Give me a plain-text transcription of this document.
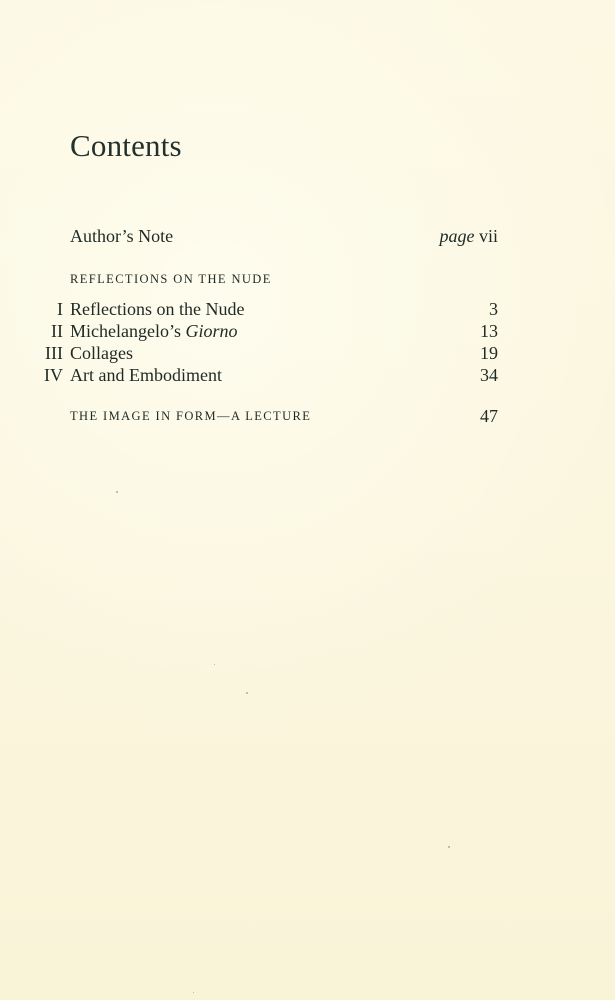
Contents
Author’s Note	page vii
REFLECTIONS ON THE NUDE
I Reflections on the Nude	3
II Michelangelo’s Giorno	13
III Collages	19
IV Art and Embodiment	34
THE IMAGE IN FORM—A LECTURE	47
